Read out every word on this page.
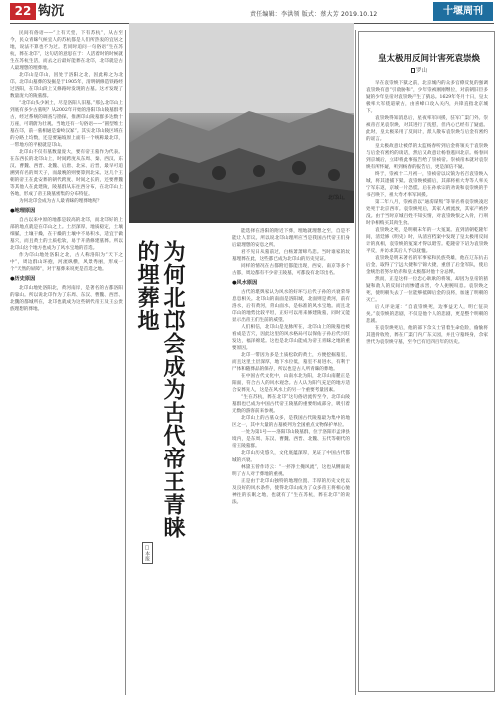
22 钩沉	责任编辑：李洪领 版式：蔡大芳 2019.10.12	十堰周刊

民间有俗语——“上有天堂，下有苏杭”，从古至今，民众青睐气候宜人的苏杭都是人们所热衷的宜居之地，说法不算也不为过。若同时追问一句俗语“生在苏杭，葬在北邙”，这句话的意思在于：人活着时的时候就生在苏杭生活，而去之后最好能葬在北邙，北邙就是古人最理想的埋葬地。

北邙山是邙山，因处于洛阳之北，因此称之为北邙。北邙山墓葬的发掘是于1905年，清明朝修造铁路经过洛阳，在邙山段上又修路时发现的古墓。这才发现了数量庞大的陵墓群。

“北邙山头少闲土，尽是洛阳人旧墓。”那么北邙山上到底有多少古墓呢？从2002年开始的洛阳邙山陵墓群考古，经过系统的调查与勘探，推测邙山陵墓群多达数十万座，可谓蔚为壮观。当地还有一句俗语——“圆型堆土墓在邙，前一墓相通是秦岭汉冢”。其实北邙山陵区域在的分路上均数，还是要遍坡原上面有一个统称最北邙，一带地方的平板就是邙山。

北邙山不仅有墓数量庞大，要有帝王墓作为代表。在东西长的北邙山上，时间跨度从东周、秦、西汉、东汉、曹魏、西晋、北魏、后唐、北宋、后晋，最早可追溯到有名的周天子，而最晚的则要算到北宋。这几个王朝的帝王在此安葬的朝代跨度、时间之长的，还要曹魏等其他人在此建陵，陵墓群从东往西分布，在北邙山上各地，形成了帝王陵墓密集的分布特征。

为何北邙会成为古人最青睐的埋葬地呢？

●地理原因

自古以来中原的地都是较高的北邙，而北邙好的上部的地点就是在邙山之上。土层深厚，地质稳定，土壤细腻，土壤干燥，在干燥的土壤中不易积水，适宜于做墓穴，而且黄土的土质松软，易于开凿修建墓葬。所以北邙山这个地方也成为了风水宝地的首选。

作为邙山地处洛阳之北，古人称洛阳为“天下之中”，周边群山环抱，河流纵横，风景秀丽，形成一个“天然的屏障”，对于墓葬来说更是首选之地。

●历史原因

北邙山地处洛阳北，黄河南岸，是著名的古都洛阳的靠山。所以说北邙作为了东周、东汉、曹魏、西晋、北魏的都城所在，北邙也就成为这些朝代帝王及王公贵族理想的葬地。

北邙山。
为何北邙会成为古代帝王青睐的埋葬地
□本报

能选择在洛阳的附近下葬，埋地就理想之至，自是不能让人非议。所以说北邙山理所应当是我国古代帝王们身后最理想的安息之所。

君不见日从墓前过，白杨萧萧啼鸟悲。当时谁家的坟墓埋葬在此，这些都已成为北邙山的历史见证。

同样的情况在古都附近都能出现，西安、南京等多个古都，周边都有不少帝王陵墓，可都没有北邙出名。

●风水原因

古代的堪舆家认为风水的好坏与后代子孙的兴衰荣辱息息相关。北邙山的南面是洛阳城，北面则是黄河，前有洛水，后有黄河，背山面水，是标准的风水宝地。而且北邙山的地势比较平坦，正好可以用来修建陵墓，同时又能显示出帝王们生前的威望。

人们相信，北邙山是龙脉所在，北邙山上的陵墓也被看成是吉穴，因此这里的风水格局可以保佑子孙后代兴旺发达，福泽绵延。这也是北邙山能成为帝王青睐之地的重要原因。

北邙一带因为多是土质松软的黄土，方便挖掘墓室，而且这里土层深厚，地下水位低，墓室不易进水，有利于尸体和随葬品的保存，所以也是古人所青睐的葬地。

在中国古代文化中，山南水北为阳，北邙山南麓正是阳面，符合古人的风水观念。古人认为阳气充足的地方适合安葬先人，这是在风水上的另一个重要考量因素。

“生在苏杭，葬在北邙”这句俗语流传至今，北邙山陵墓群也已成为中国古代帝王陵墓的重要组成部分，吸引着无数的游客前来参观。

北邙山上的古墓众多，是我国古代陵墓最为集中的地区之一，其中大量的古墓被列为全国重点文物保护单位。

一处为第1号——洛阳邙山陵墓群，位于洛阳市孟津县境内，是东周、东汉、曹魏、西晋、北魏、五代等朝代的帝王陵墓群。

北邙山历史悠久，文化底蕴深厚，见证了中国古代都城的兴衰。

林黛玉曾作诗云：“一抔净土掩风流”，这也从侧面说明了古人对于葬地的重视。

正是由于北邙山独特的地理位置、丰厚的历史文化以及良好的风水条件，使得北邙山成为了众多帝王将相心驰神往的长眠之地，也就有了“生在苏杭，葬在北邙”的说法。

皇太极用反间计害死袁崇焕
罗山

早在袁崇焕下狱之前，北京城内的众多官僚反复的强调袁崇焕有意“引敌胁和”，少年崇祯刚刚继位，对前朝旧臣多疑的少年皇帝对袁崇焕产生了猜忌。1629年冬月十日，皇太极率大军绕道蒙古，由喜峰口攻入关内，兵锋直指北京城下。

袁崇焕得知消息后，星夜率军回援，驻军广渠门外。崇祯帝召见袁崇焕，对其进行了抚慰，但内心已经有了疑虑。此时，皇太极采用了反间计，派人散布袁崇焕与后金有密约的谣言。

皇太极故意让被俘的太监杨春听到后金将领关于袁崇焕与后金有密约的谈话，然后又故意让杨春逃回北京。杨春回到京城后，立即将此事报告给了崇祯帝。崇祯帝本就对袁崇焕有所怀疑，听到杨春的报告后，更是深信不疑。

终于，崇祯十二月初一，崇祯帝以议饷为名召袁崇焕入城，将其逮捕下狱。袁崇焕被捕后，其部将祖大寿等人率关宁军东返，京城一片恐慌。后在孙承宗的劝说和袁崇焕的手书召唤下，祖大寿才率军回援。

第二年八月，崇祯帝以“通虏谋叛”等罪名将袁崇焕凌迟处死于北京西市。袁崇焕死后，其家人被流放，其家产被抄没。由于当时京城百姓不知实情，对袁崇焕恨之入骨，行刑时争相购买其肉生食。

袁崇焕之死，是明朝末年的一大冤案。直到清朝乾隆年间，清廷修《明史》时，从清宫档案中发现了皇太极用反间计的真相，袁崇焕的冤案才得以昭雪。乾隆帝下诏为袁崇焕平反，并访求其后人予以抚恤。

袁崇焕是明末著名的军事家和民族英雄，他在辽东抗击后金，取得了宁远大捷和宁锦大捷，重创了后金军队，使后金统治者努尔哈赤和皇太极都对他十分忌惮。

然而，正是这样一位忠心耿耿的将领，却因为皇帝的猜疑和敌人的反间计而惨遭杀害，令人扼腕叹息。袁崇焕之死，使明朝失去了一位能够抵御后金的良将，加速了明朝的灭亡。

后人评论道：“自袁崇焕死，边事益无人，明亡征决矣。”袁崇焕的悲剧，不仅是他个人的悲剧，更是整个明朝的悲剧。

在袁崇焕死后，他的部下佘义士冒着生命危险，偷偷将其遗骨收殓，葬在广渠门内广东义园，并且守墓终身，佘家世代为袁崇焕守墓，至今已有近四百年的历史。
